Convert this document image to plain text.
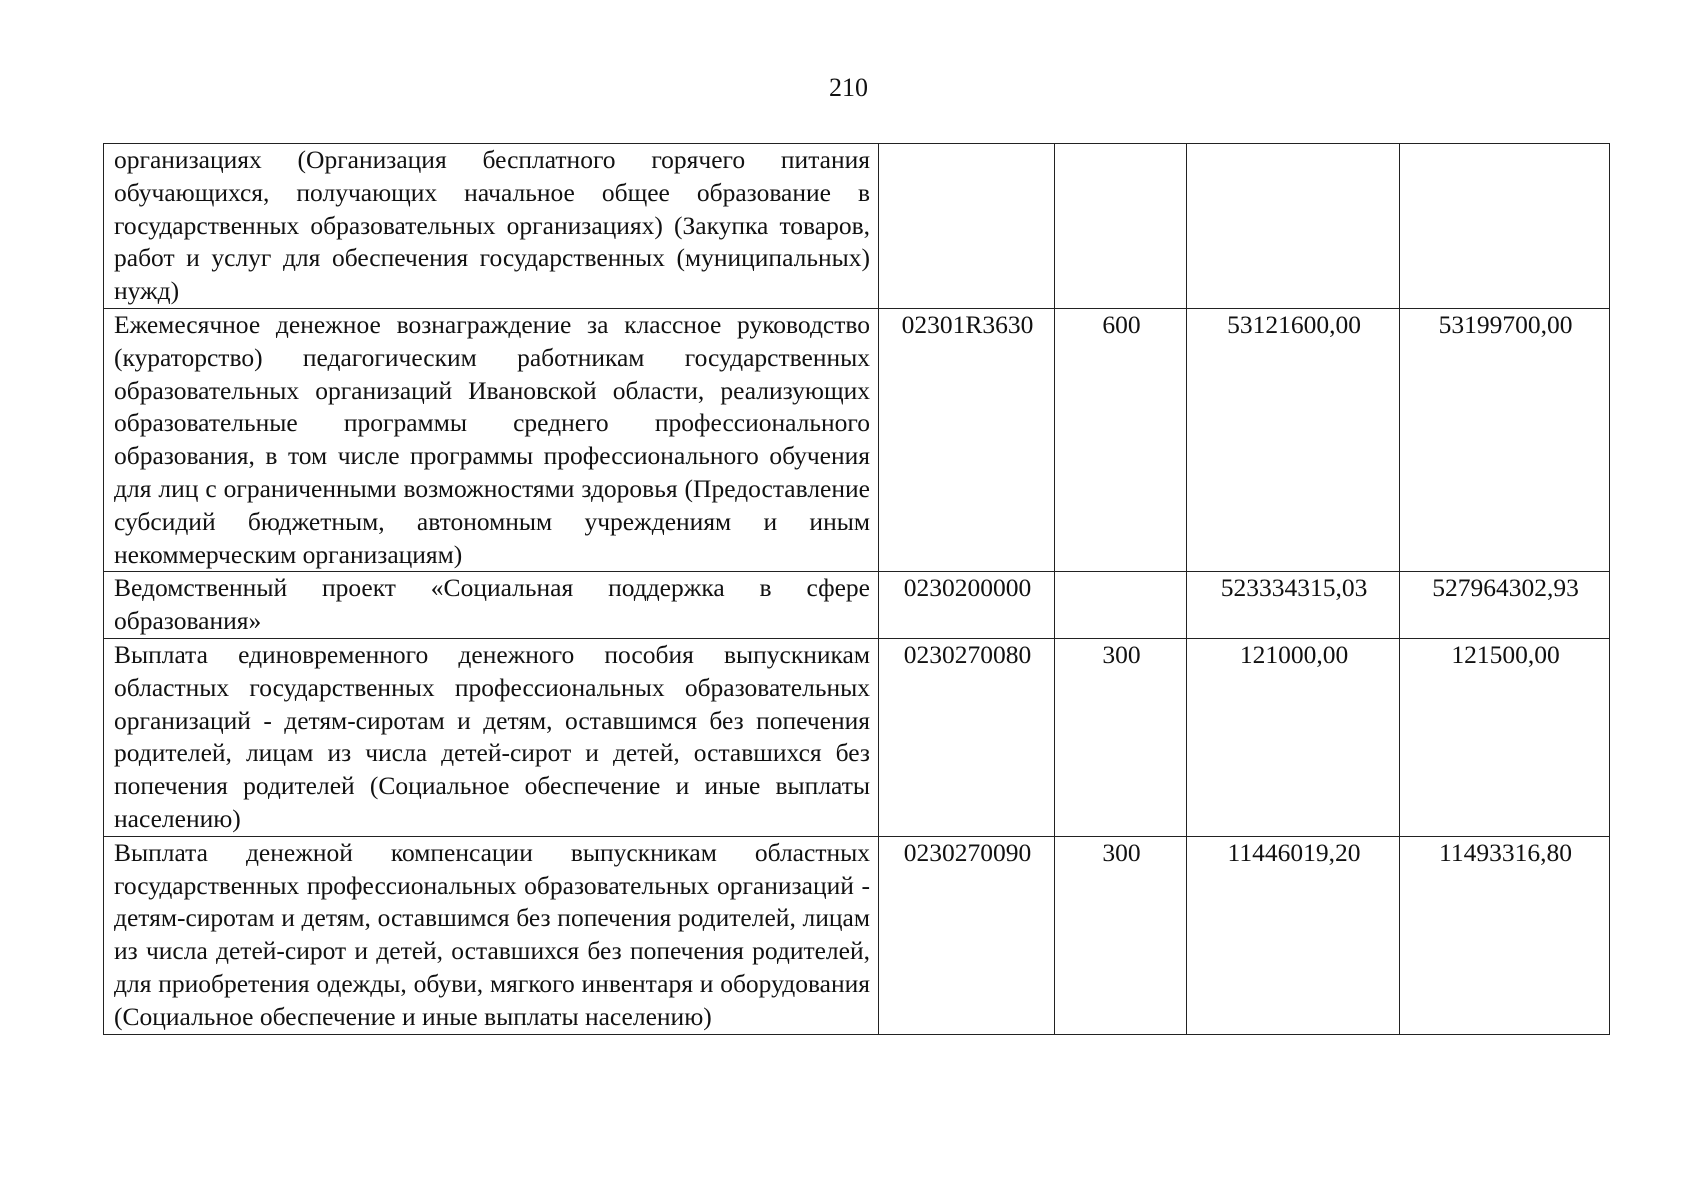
210
организациях (Организация бесплатного горячего питания обучающихся, получающих начальное общее образование в государственных образовательных организациях) (Закупка товаров, работ и услуг для обеспечения государственных (муниципальных) нужд)				
Ежемесячное денежное вознаграждение за классное руководство (кураторство) педагогическим работникам государственных образовательных организаций Ивановской области, реализующих образовательные программы среднего профессионального образования, в том числе программы профессионального обучения для лиц с ограниченными возможностями здоровья (Предоставление субсидий бюджетным, автономным учреждениям и иным некоммерческим организациям)	02301R3630	600	53121600,00	53199700,00
Ведомственный проект «Социальная поддержка в сфере образования»	0230200000		523334315,03	527964302,93
Выплата единовременного денежного пособия выпускникам областных государственных профессиональных образовательных организаций - детям-сиротам и детям, оставшимся без попечения родителей, лицам из числа детей-сирот и детей, оставшихся без попечения родителей (Социальное обеспечение и иные выплаты населению)	0230270080	300	121000,00	121500,00
Выплата денежной компенсации выпускникам областных государственных профессиональных образовательных организаций - детям-сиротам и детям, оставшимся без попечения родителей, лицам из числа детей-сирот и детей, оставшихся без попечения родителей, для приобретения одежды, обуви, мягкого инвентаря и оборудования (Социальное обеспечение и иные выплаты населению)	0230270090	300	11446019,20	11493316,80
